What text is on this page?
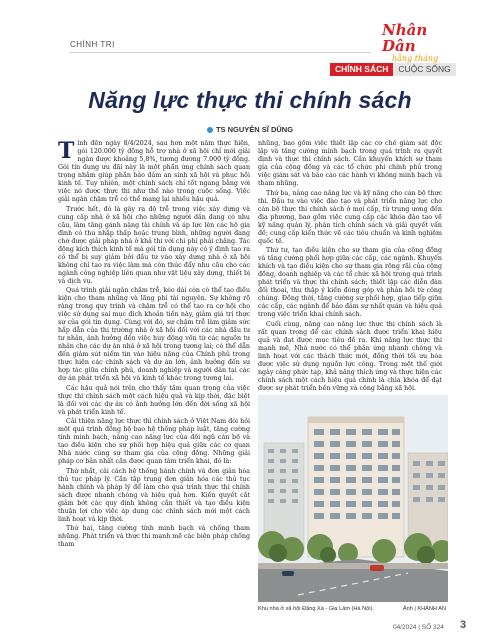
CHÍNH TRỊ
Nhân Dân
hằng tháng
CHÍNH SÁCH	CUỘC SỐNG
Năng lực thực thi chính sách
TS NGUYỄN SĨ DŨNG

Tính đến ngày 8/4/2024, sau hơn một năm thực hiện, gói 120.000 tỷ đồng hỗ trợ nhà ở xã hội chỉ mới giải ngân được khoảng 5,8%, tương đương 7.000 tỷ đồng. Gói tín dụng ưu đãi này là một phần ứng chính sách quan trọng nhằm giúp phần bảo đảm an sinh xã hội và phục hồi kinh tế. Tuy nhiên, một chính sách chỉ tốt ngang bằng với việc nó được thực thi như thế nào trong cuộc sống. Việc giải ngân chậm trễ có thể mang lại nhiều hậu quả.

Trước hết, đó là gây ra độ trễ trong việc xây dựng và cung cấp nhà ở xã hội cho những người dân đang có nhu cầu, làm tăng gánh nặng tài chính và áp lực lên các hộ gia đình có thu nhập thấp hoặc trung bình, những người đang chờ được giải pháp nhà ở khả thi với chi phí phải chăng. Tác động kích thích kinh tế mà gói tín dụng này có ý định tạo ra có thể bị suy giảm bởi đầu tư vào xây dựng nhà ở xã hội không chỉ tạo ra việc làm mà còn thúc đẩy nhu cầu cho các ngành công nghiệp liên quan như vật liệu xây dựng, thiết bị và dịch vụ.

Quá trình giải ngân chậm trễ, kéo dài còn có thể tạo điều kiện cho tham nhũng và lãng phí tài nguyên. Sự không rõ ràng trong quy trình và chậm trễ có thể tạo ra cơ hội cho việc sử dụng sai mục đích khoản tiền này, giảm giá trị thực sự của gói tín dụng. Cùng với đó, sự chậm trễ làm giảm sức hấp dẫn của thị trường nhà ở xã hội đối với các nhà đầu tư tư nhân, ảnh hưởng đến việc huy động vốn từ các nguồn tư nhân cho các dự án nhà ở xã hội trong tương lai; có thể dẫn đến giảm sút niềm tin vào hiệu năng của Chính phủ trong thực hiện các chính sách và dự án lớn, ảnh hưởng đến sự hợp tác giữa chính phủ, doanh nghiệp và người dân tại các dự án phát triển xã hội và kinh tế khác trong tương lai.

Các hậu quả nói trên cho thấy tầm quan trọng của việc thực thi chính sách một cách hiệu quả và kịp thời, đặc biệt là đối với các dự án có ảnh hưởng lớn đến đời sống xã hội và phát triển kinh tế.

Cải thiện năng lực thực thi chính sách ở Việt Nam đòi hỏi một quá trình đồng bộ bao hệ thống pháp luật, tăng cường tính minh bạch, nâng cao năng lực của đội ngũ cán bộ và tạo điều kiện cho sự phối hợp hiệu quả giữa các cơ quan Nhà nước cùng sự tham gia của cộng đồng. Những giải pháp cơ bản nhất cần được quan tâm triển khai, đó là:

Thứ nhất, cải cách hệ thống hành chính và đơn giản hóa thủ tục pháp lý. Cần tập trung đơn giản hóa các thủ tục hành chính và pháp lý để làm cho quá trình thực thi chính sách được nhanh chóng và hiệu quả hơn. Kiến quyết cắt giảm bớt các quy định không cần thiết và tạo điều kiện thuận lợi cho việc áp dụng các chính sách mới một cách linh hoạt và kịp thời.

Thứ hai, tăng cường tính minh bạch và chống tham nhũng. Phát triển và thực thi mạnh mẽ các biện pháp chống tham

nhũng, bao gồm việc thiết lập các cơ chế giám sát độc lập và tăng cường minh bạch trong quá trình ra quyết định và thực thi chính sách. Cần khuyến khích sự tham gia của cộng đồng và các tổ chức phi chính phủ trong việc giám sát và báo cáo các hành vi không minh bạch và tham nhũng.

Thứ ba, nâng cao năng lực và kỹ năng cho cán bộ thực thi. Đầu tư vào việc đào tạo và phát triển năng lực cho cán bộ thực thi chính sách ở mọi cấp, từ trung ương đến địa phương, bao gồm việc cung cấp các khóa đào tạo về kỹ năng quản lý, phân tích chính sách và giải quyết vấn đề; cung cấp kiến thức về các tiêu chuẩn và kinh nghiệm quốc tế.

Thứ tư, tạo điều kiện cho sự tham gia của cộng đồng và tăng cường phối hợp giữa các cấp, các ngành. Khuyến khích và tạo điều kiện cho sự tham gia rộng rãi của cộng đồng, doanh nghiệp và các tổ chức xã hội trong quá trình phát triển và thực thi chính sách; thiết lập các diễn đàn đối thoại, thu thập ý kiến đóng góp và phản hồi từ công chúng. Đồng thời, tăng cường sự phối hợp, giao tiếp giữa các cấp, các ngành để bảo đảm sự nhất quán và hiệu quả trong việc triển khai chính sách.

Cuối cùng, năng cao năng lực thực thi chính sách là rất quan trọng để các chính sách được triển khai hiệu quả và đạt được mục tiêu đề ra. Khi năng lực thực thi mạnh mẽ, Nhà nước có thể phản ứng nhanh chóng và linh hoạt với các thách thức mới, đồng thời tối ưu hóa được việc sử dụng nguồn lực công. Trong một thế giới ngày càng phức tạp, khả năng thích ứng và thực hiện các chính sách một cách hiệu quả chính là chìa khóa để đạt được sự phát triển bền vững và công bằng xã hội.

Khu nhà ở xã hội Đặng Xá - Gia Lâm (Hà Nội).	Ảnh | KHÁNH AN
04/2024 | SỐ 324 3
